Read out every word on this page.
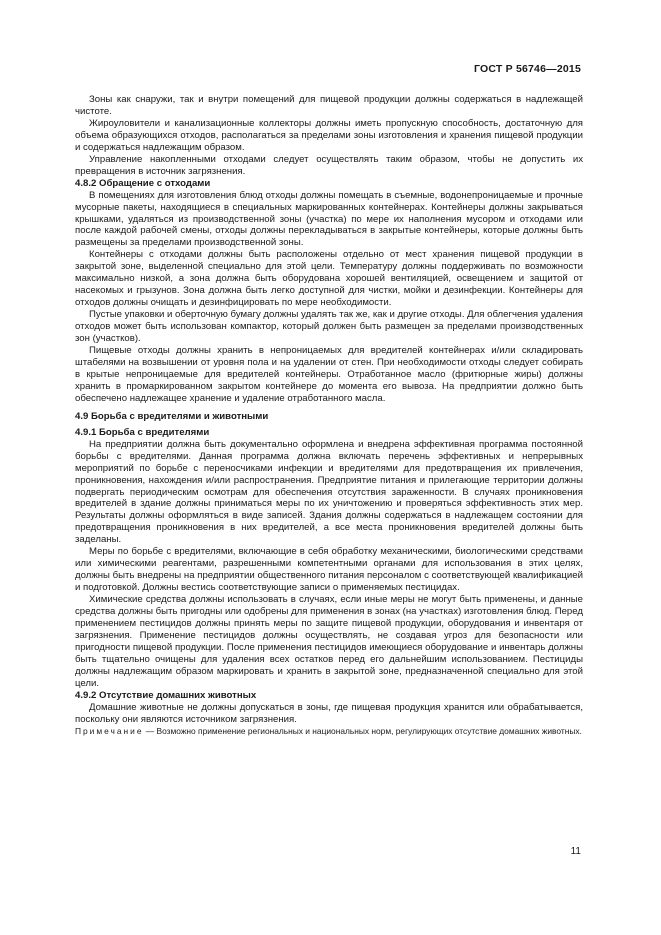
ГОСТ Р 56746—2015

Зоны как снаружи, так и внутри помещений для пищевой продукции должны содержаться в надлежащей чистоте.

Жироуловители и канализационные коллекторы должны иметь пропускную способность, достаточную для объема образующихся отходов, располагаться за пределами зоны изготовления и хранения пищевой продукции и содержаться надлежащим образом.

Управление накопленными отходами следует осуществлять таким образом, чтобы не допустить их превращения в источник загрязнения.

4.8.2 Обращение с отходами

В помещениях для изготовления блюд отходы должны помещать в съемные, водонепроницаемые и прочные мусорные пакеты, находящиеся в специальных маркированных контейнерах. Контейнеры должны закрываться крышками, удаляться из производственной зоны (участка) по мере их наполнения мусором и отходами или после каждой рабочей смены, отходы должны перекладываться в закрытые контейнеры, которые должны быть размещены за пределами производственной зоны.

Контейнеры с отходами должны быть расположены отдельно от мест хранения пищевой продукции в закрытой зоне, выделенной специально для этой цели. Температуру должны поддерживать по возможности максимально низкой, а зона должна быть оборудована хорошей вентиляцией, освещением и защитой от насекомых и грызунов. Зона должна быть легко доступной для чистки, мойки и дезинфекции. Контейнеры для отходов должны очищать и дезинфицировать по мере необходимости.

Пустые упаковки и оберточную бумагу должны удалять так же, как и другие отходы. Для облегчения удаления отходов может быть использован компактор, который должен быть размещен за пределами производственных зон (участков).

Пищевые отходы должны хранить в непроницаемых для вредителей контейнерах и/или складировать штабелями на возвышении от уровня пола и на удалении от стен. При необходимости отходы следует собирать в крытые непроницаемые для вредителей контейнеры. Отработанное масло (фритюрные жиры) должны хранить в промаркированном закрытом контейнере до момента его вывоза. На предприятии должно быть обеспечено надлежащее хранение и удаление отработанного масла.

4.9 Борьба с вредителями и животными
4.9.1 Борьба с вредителями

На предприятии должна быть документально оформлена и внедрена эффективная программа постоянной борьбы с вредителями. Данная программа должна включать перечень эффективных и непрерывных мероприятий по борьбе с переносчиками инфекции и вредителями для предотвращения их привлечения, проникновения, нахождения и/или распространения. Предприятие питания и прилегающие территории должны подвергать периодическим осмотрам для обеспечения отсутствия зараженности. В случаях проникновения вредителей в здание должны приниматься меры по их уничтожению и проверяться эффективность этих мер. Результаты должны оформляться в виде записей. Здания должны содержаться в надлежащем состоянии для предотвращения проникновения в них вредителей, а все места проникновения вредителей должны быть заделаны.

Меры по борьбе с вредителями, включающие в себя обработку механическими, биологическими средствами или химическими реагентами, разрешенными компетентными органами для использования в этих целях, должны быть внедрены на предприятии общественного питания персоналом с соответствующей квалификацией и подготовкой. Должны вестись соответствующие записи о применяемых пестицидах.

Химические средства должны использовать в случаях, если иные меры не могут быть применены, и данные средства должны быть пригодны или одобрены для применения в зонах (на участках) изготовления блюд. Перед применением пестицидов должны принять меры по защите пищевой продукции, оборудования и инвентаря от загрязнения. Применение пестицидов должны осуществлять, не создавая угроз для безопасности или пригодности пищевой продукции. После применения пестицидов имеющиеся оборудование и инвентарь должны быть тщательно очищены для удаления всех остатков перед его дальнейшим использованием. Пестициды должны надлежащим образом маркировать и хранить в закрытой зоне, предназначенной специально для этой цели.

4.9.2 Отсутствие домашних животных

Домашние животные не должны допускаться в зоны, где пищевая продукция хранится или обрабатывается, поскольку они являются источником загрязнения.

Примечание — Возможно применение региональных и национальных норм, регулирующих отсутствие домашних животных.

11
